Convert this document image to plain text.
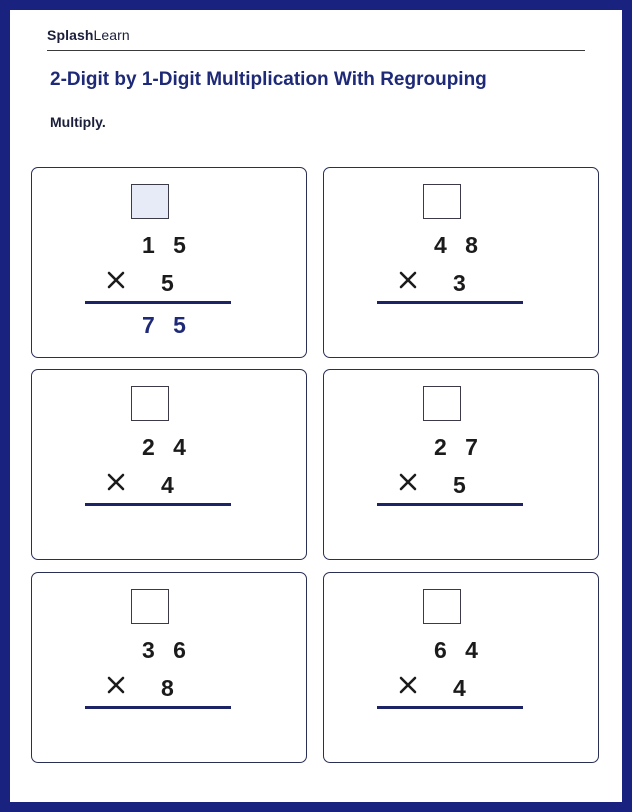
SplashLearn
2-Digit by 1-Digit Multiplication With Regrouping
Multiply.
1 5
5
7 5
4 8
3
2 4
4
2 7
5
3 6
8
6 4
4
